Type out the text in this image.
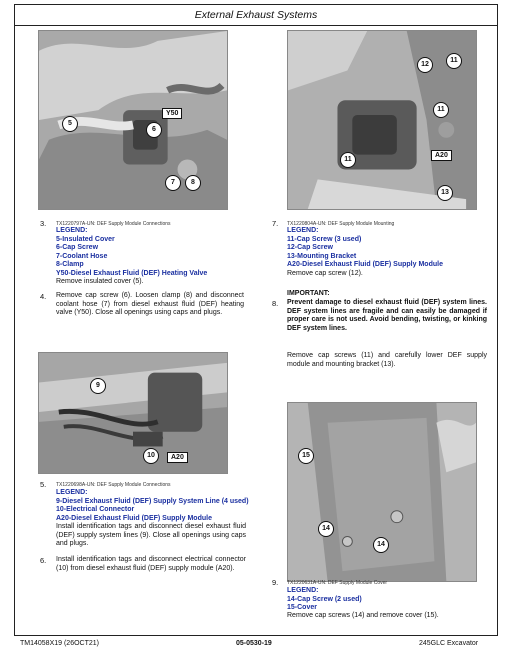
External Exhaust Systems
5
6
7	8
Y50
TX1220797A-UN: DEF Supply Module Connections
12
11
11
11
A20
13
TX1220804A-UN: DEF Supply Module Mounting
3.
LEGEND:
5-Insulated Cover
6-Cap Screw
7-Coolant Hose
8-Clamp
Y50-Diesel Exhaust Fluid (DEF) Heating Valve
Remove insulated cover (5).
4. Remove cap screw (6). Loosen clamp (8) and disconnect coolant hose (7) from diesel exhaust fluid (DEF) heating valve (Y50). Close all openings using caps and plugs.
7.
LEGEND:
11-Cap Screw (3 used)
12-Cap Screw
13-Mounting Bracket
A20-Diesel Exhaust Fluid (DEF) Supply Module
Remove cap screw (12).
IMPORTANT:
8. Prevent damage to diesel exhaust fluid (DEF) system lines. DEF system lines are fragile and can easily be damaged if proper care is not used. Avoid bending, twisting, or kinking DEF system lines.
Remove cap screws (11) and carefully lower DEF supply module and mounting bracket (13).
9
10	A20
5. TX1220698A-UN: DEF Supply Module Connections
LEGEND:
9-Diesel Exhaust Fluid (DEF) Supply System Line (4 used)
10-Electrical Connector
A20-Diesel Exhaust Fluid (DEF) Supply Module
Install identification tags and disconnect diesel exhaust fluid (DEF) supply system lines (9). Close all openings using caps and plugs.
6. Install identification tags and disconnect electrical connector (10) from diesel exhaust fluid (DEF) supply module (A20).
15
14
14
9. TX1220631A-UN: DEF Supply Module Cover
LEGEND:
14-Cap Screw (2 used)
15-Cover
Remove cap screws (14) and remove cover (15).
TM14058X19 (26OCT21)	05-0530-19	245GLC Excavator
